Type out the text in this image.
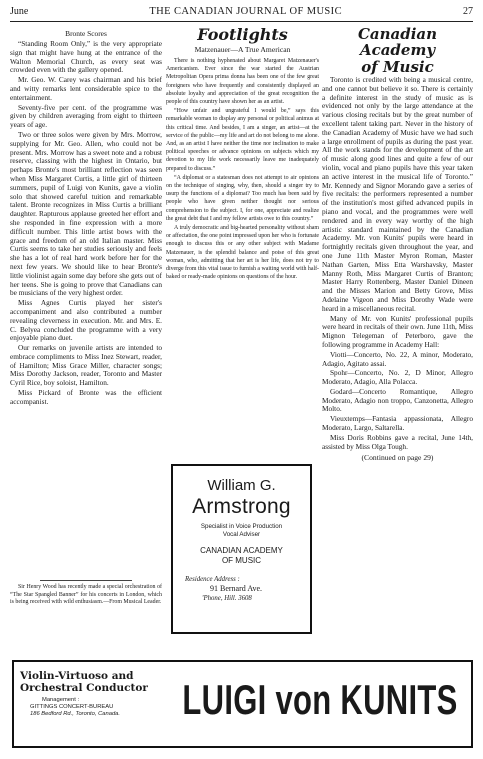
June	THE CANADIAN JOURNAL OF MUSIC	27
Bronte Scores

“Standing Room Only,” is the very appropriate sign that might have hung at the entrance of the Walton Memorial Church, as every seat was crowded even with the gallery opened.

Mr. Geo. W. Carey was chairman and his brief and witty remarks lent considerable spice to the entertainment.

Seventy-five per cent. of the programme was given by children averaging from eight to thirteen years of age.

Two or three solos were given by Mrs. Morrow, supplying for Mr. Geo. Allen, who could not be present. Mrs. Morrow has a sweet note and a robust reserve, classing with the highest in Ontario, but perhaps Bronte's most brilliant reflection was seen when Miss Margaret Curtis, a little girl of thirteen summers, pupil of Luigi von Kunits, gave a violin solo that showed careful tuition and remarkable talent. Bronte recognizes in Miss Curtis a brilliant daughter. Rapturous applause greeted her effort and she responded in fine expression with a more difficult number. This little artist bows with the grace and freedom of an old Italian master. Miss Curtis seems to take her studies seriously and feels she has a lot of real hard work before her for the next few years. We should like to hear Bronte's little violinist again some day before she gets out of her teens. She is going to prove that Canadians can be musicians of the very highest order.

Miss Agnes Curtis played her sister's accompaniment and also contributed a number revealing cleverness in execution. Mr. and Mrs. E. C. Belyea concluded the programme with a very enjoyable piano duet.

Our remarks on juvenile artists are intended to embrace compliments to Miss Inez Stewart, reader, of Hamilton; Miss Grace Miller, character songs; Miss Dorothy Jackson, reader, Toronto and Master Cyril Rice, boy soloist, Hamilton.

Miss Pickard of Bronte was the efficient accompanist.

Sir Henry Wood has recently made a special orchestration of “The Star Spangled Banner” for his concerts in London, which is being received with wild enthusiasm.—From Musical Leader.
Footlights
Matzenauer—A True American

There is nothing hyphenated about Margaret Matzenauer's Americanism. Ever since the war started the Austrian Metropolitan Opera prima donna has been one of the few great foreigners who have frequently and consistently displayed an absolute loyalty and appreciation of the great recognition the people of this country have shown her as an artist.

“How unfair and ungrateful I would be,” says this remarkable woman to display any personal or political animus at this critical time. And besides, I am a singer, an artist—at the service of the public—my life and art do not belong to me alone. And, as an artist I have neither the time nor inclination to make political speeches or advance opinions on subjects which my devotion to my life work necessarily leave me inadequately prepared to discuss.”

“A diplomat or a statesman does not attempt to air opinions on the technique of singing, why, then, should a singer try to usurp the functions of a diplomat? Too much has been said by people who have given neither thought nor serious comprehension to the subject. I, for one, appreciate and realize the great debt that I and my fellow artists owe to this country.”

A truly democratic and big-hearted personality without sham or affectation, the one point impressed upon her who is fortunate enough to discuss this or any other subject with Madame Matzenauer, is the splendid balance and poise of this great woman, who, admitting that her art is her life, does not try to diverge from this vital issue to furnish a waiting world with half-baked or ready-made opinions on questions of the hour.

Canadian Academy
of Music

Toronto is credited with being a musical centre, and one cannot but believe it so. There is certainly a definite interest in the study of music as is evidenced not only by the large attendance at the various closing recitals but by the great number of excellent talent taking part. Never in the history of the Canadian Academy of Music have we had such a large enrollment of pupils as during the past year. All the work stands for the development of the art of music along good lines and quite a few of our violin, vocal and piano pupils have this year taken an active interest in the musical life of Toronto.” Mr. Kennedy and Signor Morando gave a series of five recitals: the performers represented a number of the institution's most gifted advanced pupils in piano and vocal, and the programmes were well rendered and in every way worthy of the high artistic standard maintained by the Canadian Academy. Mr. von Kunits' pupils were heard in fortnightly recitals given throughout the year, and one June 11th Master Myron Roman, Master Nathan Garten, Miss Etta Warshavsky, Master Manny Roth, Miss Margaret Curtis of Branton; Master Harry Rottenberg, Master Daniel Dineen and the Misses Marion and Betty Grove, Miss Adelaine Vigeon and Miss Dorothy Wade were heard in a miscellaneous recital.

Many of Mr. von Kunits' professional pupils were heard in recitals of their own. June 11th, Miss Mignon Telegeman of Peterboro, gave the following programme in Academy Hall:

Viotti—Concerto, No. 22, A minor, Moderato, Adagio, Agitato assai.

Spohr—Concerto, No. 2, D Minor, Allegro Moderato, Adagio, Alla Polacca.

Godard—Concerto Romantique, Allegro Moderato, Adagio non troppo, Canzonetta, Allegro Molto.

Vieuxtemps—Fantasia appassionata, Allegro Moderato, Largo, Saltarella.

Miss Doris Robbins gave a recital, June 14th, assisted by Miss Olga Tough.

(Continued on page 29)
William G.
Armstrong
Specialist in Voice Production
Vocal Adviser
CANADIAN ACADEMY
OF MUSIC
Residence Address :
91 Bernard Ave.
'Phone, Hill. 3608
Violin-Virtuoso and
Orchestral Conductor
Management :
GITTINGS CONCERT-BUREAU
186 Bedford Rd., Toronto, Canada.	LUIGI von KUNITS
